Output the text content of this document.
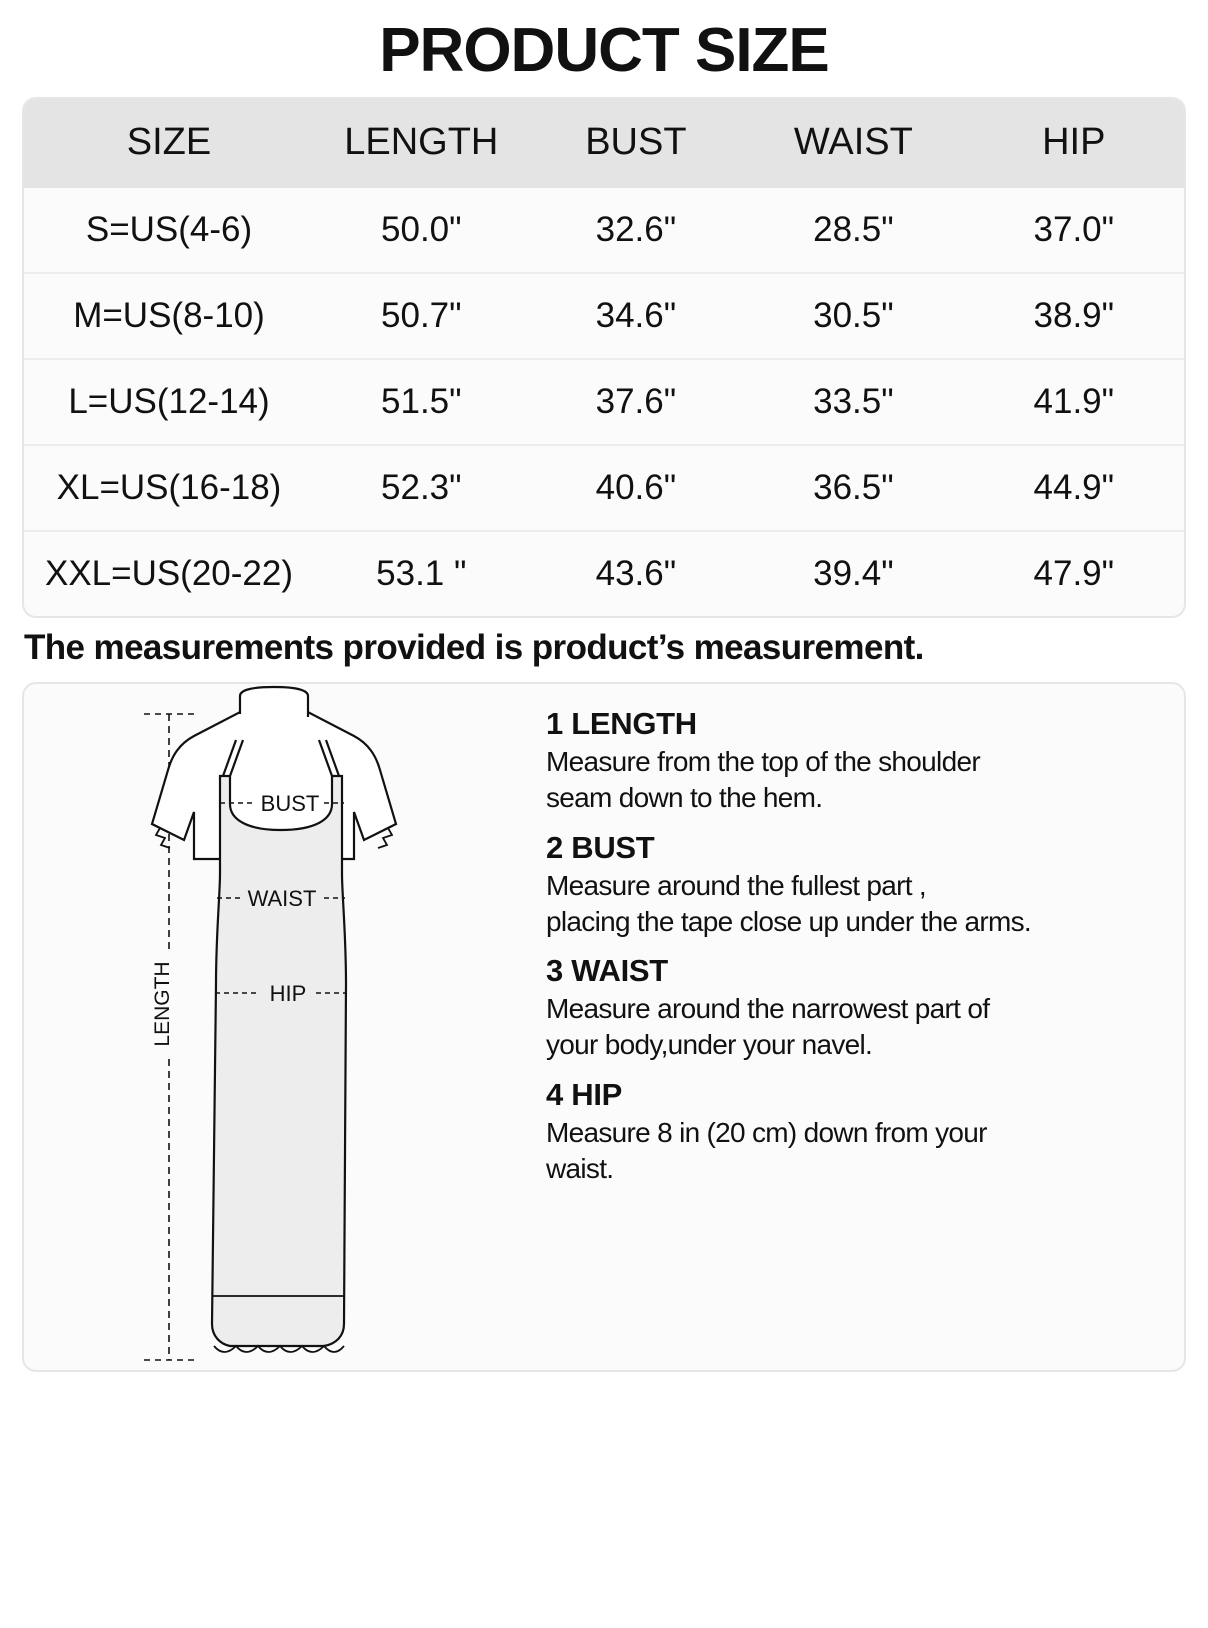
PRODUCT SIZE
SIZE	LENGTH	BUST	WAIST	HIP
S=US(4-6)	50.0"	32.6"	28.5"	37.0"
M=US(8-10)	50.7"	34.6"	30.5"	38.9"
L=US(12-14)	51.5"	37.6"	33.5"	41.9"
XL=US(16-18)	52.3"	40.6"	36.5"	44.9"
XXL=US(20-22)	53.1 "	43.6"	39.4"	47.9"
The measurements provided is product’s measurement.
LENGTH
BUST
WAIST
HIP
1 LENGTH
Measure from the top of the shoulder
seam down to the hem.
2 BUST
Measure around the fullest part ,
placing the tape close up under the arms.
3 WAIST
Measure around the narrowest part of
your body,under your navel.
4 HIP
Measure 8 in (20 cm) down from your
waist.
